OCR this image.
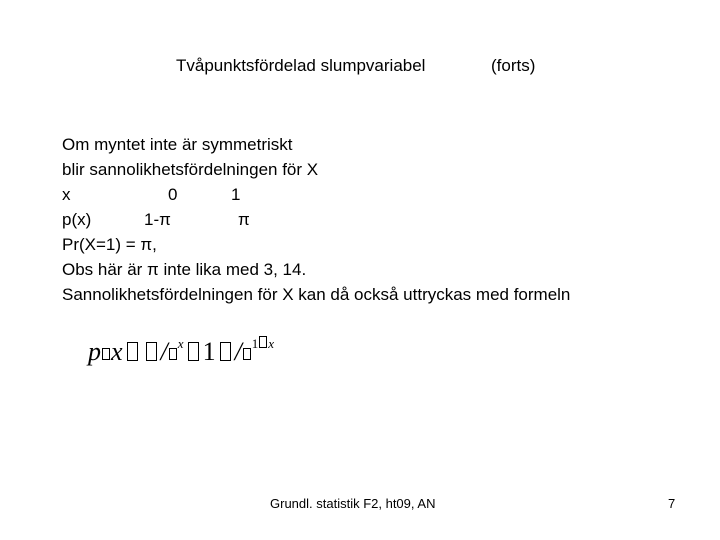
Tvåpunktsfördelad slumpvariabel	(forts)
Om myntet inte är symmetriskt
blir sannolikhetsfördelningen för X
x	0	1
p(x)	1-π	π
Pr(X=1) = π,
Obs här är π inte lika med 3, 14.
Sannolikhetsfördelningen för X kan då också uttryckas med formeln
p x / $^x$ 1 / $^{1 x}$
Grundl. statistik F2, ht09, AN	7
